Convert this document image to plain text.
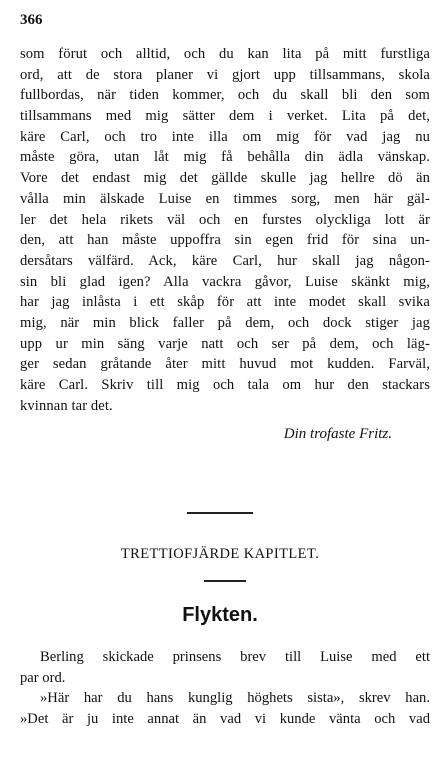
366
som förut och alltid, och du kan lita på mitt furstliga
ord, att de stora planer vi gjort upp tillsammans, skola
fullbordas, när tiden kommer, och du skall bli den som
tillsammans med mig sätter dem i verket. Lita på det,
käre Carl, och tro inte illa om mig för vad jag nu
måste göra, utan låt mig få behålla din ädla vänskap.
Vore det endast mig det gällde skulle jag hellre dö än
vålla min älskade Luise en timmes sorg, men här gäl-
ler det hela rikets väl och en furstes olyckliga lott är
den, att han måste uppoffra sin egen frid för sina un-
dersåtars välfärd. Ack, käre Carl, hur skall jag någon-
sin bli glad igen? Alla vackra gåvor, Luise skänkt mig,
har jag inlåsta i ett skåp för att inte modet skall svika
mig, när min blick faller på dem, och dock stiger jag
upp ur min säng varje natt och ser på dem, och läg-
ger sedan gråtande åter mitt huvud mot kudden. Farväl,
käre Carl. Skriv till mig och tala om hur den stackars
kvinnan tar det.
Din trofaste Fritz.
TRETTIOFJÄRDE KAPITLET.
Flykten.
Berling skickade prinsens brev till Luise med ett
par ord.
»Här har du hans kunglig höghets sista», skrev han.
»Det är ju inte annat än vad vi kunde vänta och vad
